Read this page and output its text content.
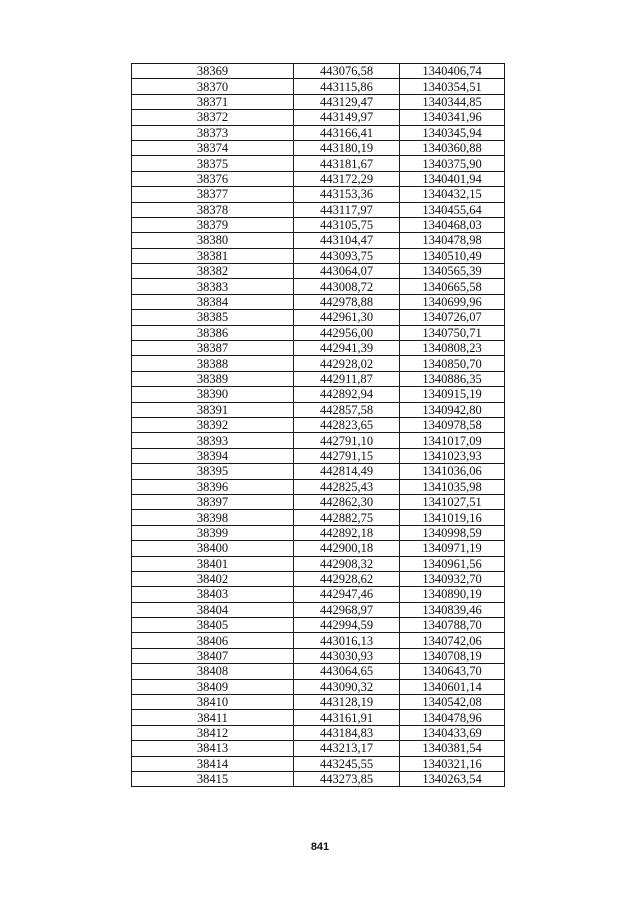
38369	443076,58	1340406,74
38370	443115,86	1340354,51
38371	443129,47	1340344,85
38372	443149,97	1340341,96
38373	443166,41	1340345,94
38374	443180,19	1340360,88
38375	443181,67	1340375,90
38376	443172,29	1340401,94
38377	443153,36	1340432,15
38378	443117,97	1340455,64
38379	443105,75	1340468,03
38380	443104,47	1340478,98
38381	443093,75	1340510,49
38382	443064,07	1340565,39
38383	443008,72	1340665,58
38384	442978,88	1340699,96
38385	442961,30	1340726,07
38386	442956,00	1340750,71
38387	442941,39	1340808,23
38388	442928,02	1340850,70
38389	442911,87	1340886,35
38390	442892,94	1340915,19
38391	442857,58	1340942,80
38392	442823,65	1340978,58
38393	442791,10	1341017,09
38394	442791,15	1341023,93
38395	442814,49	1341036,06
38396	442825,43	1341035,98
38397	442862,30	1341027,51
38398	442882,75	1341019,16
38399	442892,18	1340998,59
38400	442900,18	1340971,19
38401	442908,32	1340961,56
38402	442928,62	1340932,70
38403	442947,46	1340890,19
38404	442968,97	1340839,46
38405	442994,59	1340788,70
38406	443016,13	1340742,06
38407	443030,93	1340708,19
38408	443064,65	1340643,70
38409	443090,32	1340601,14
38410	443128,19	1340542,08
38411	443161,91	1340478,96
38412	443184,83	1340433,69
38413	443213,17	1340381,54
38414	443245,55	1340321,16
38415	443273,85	1340263,54
841
